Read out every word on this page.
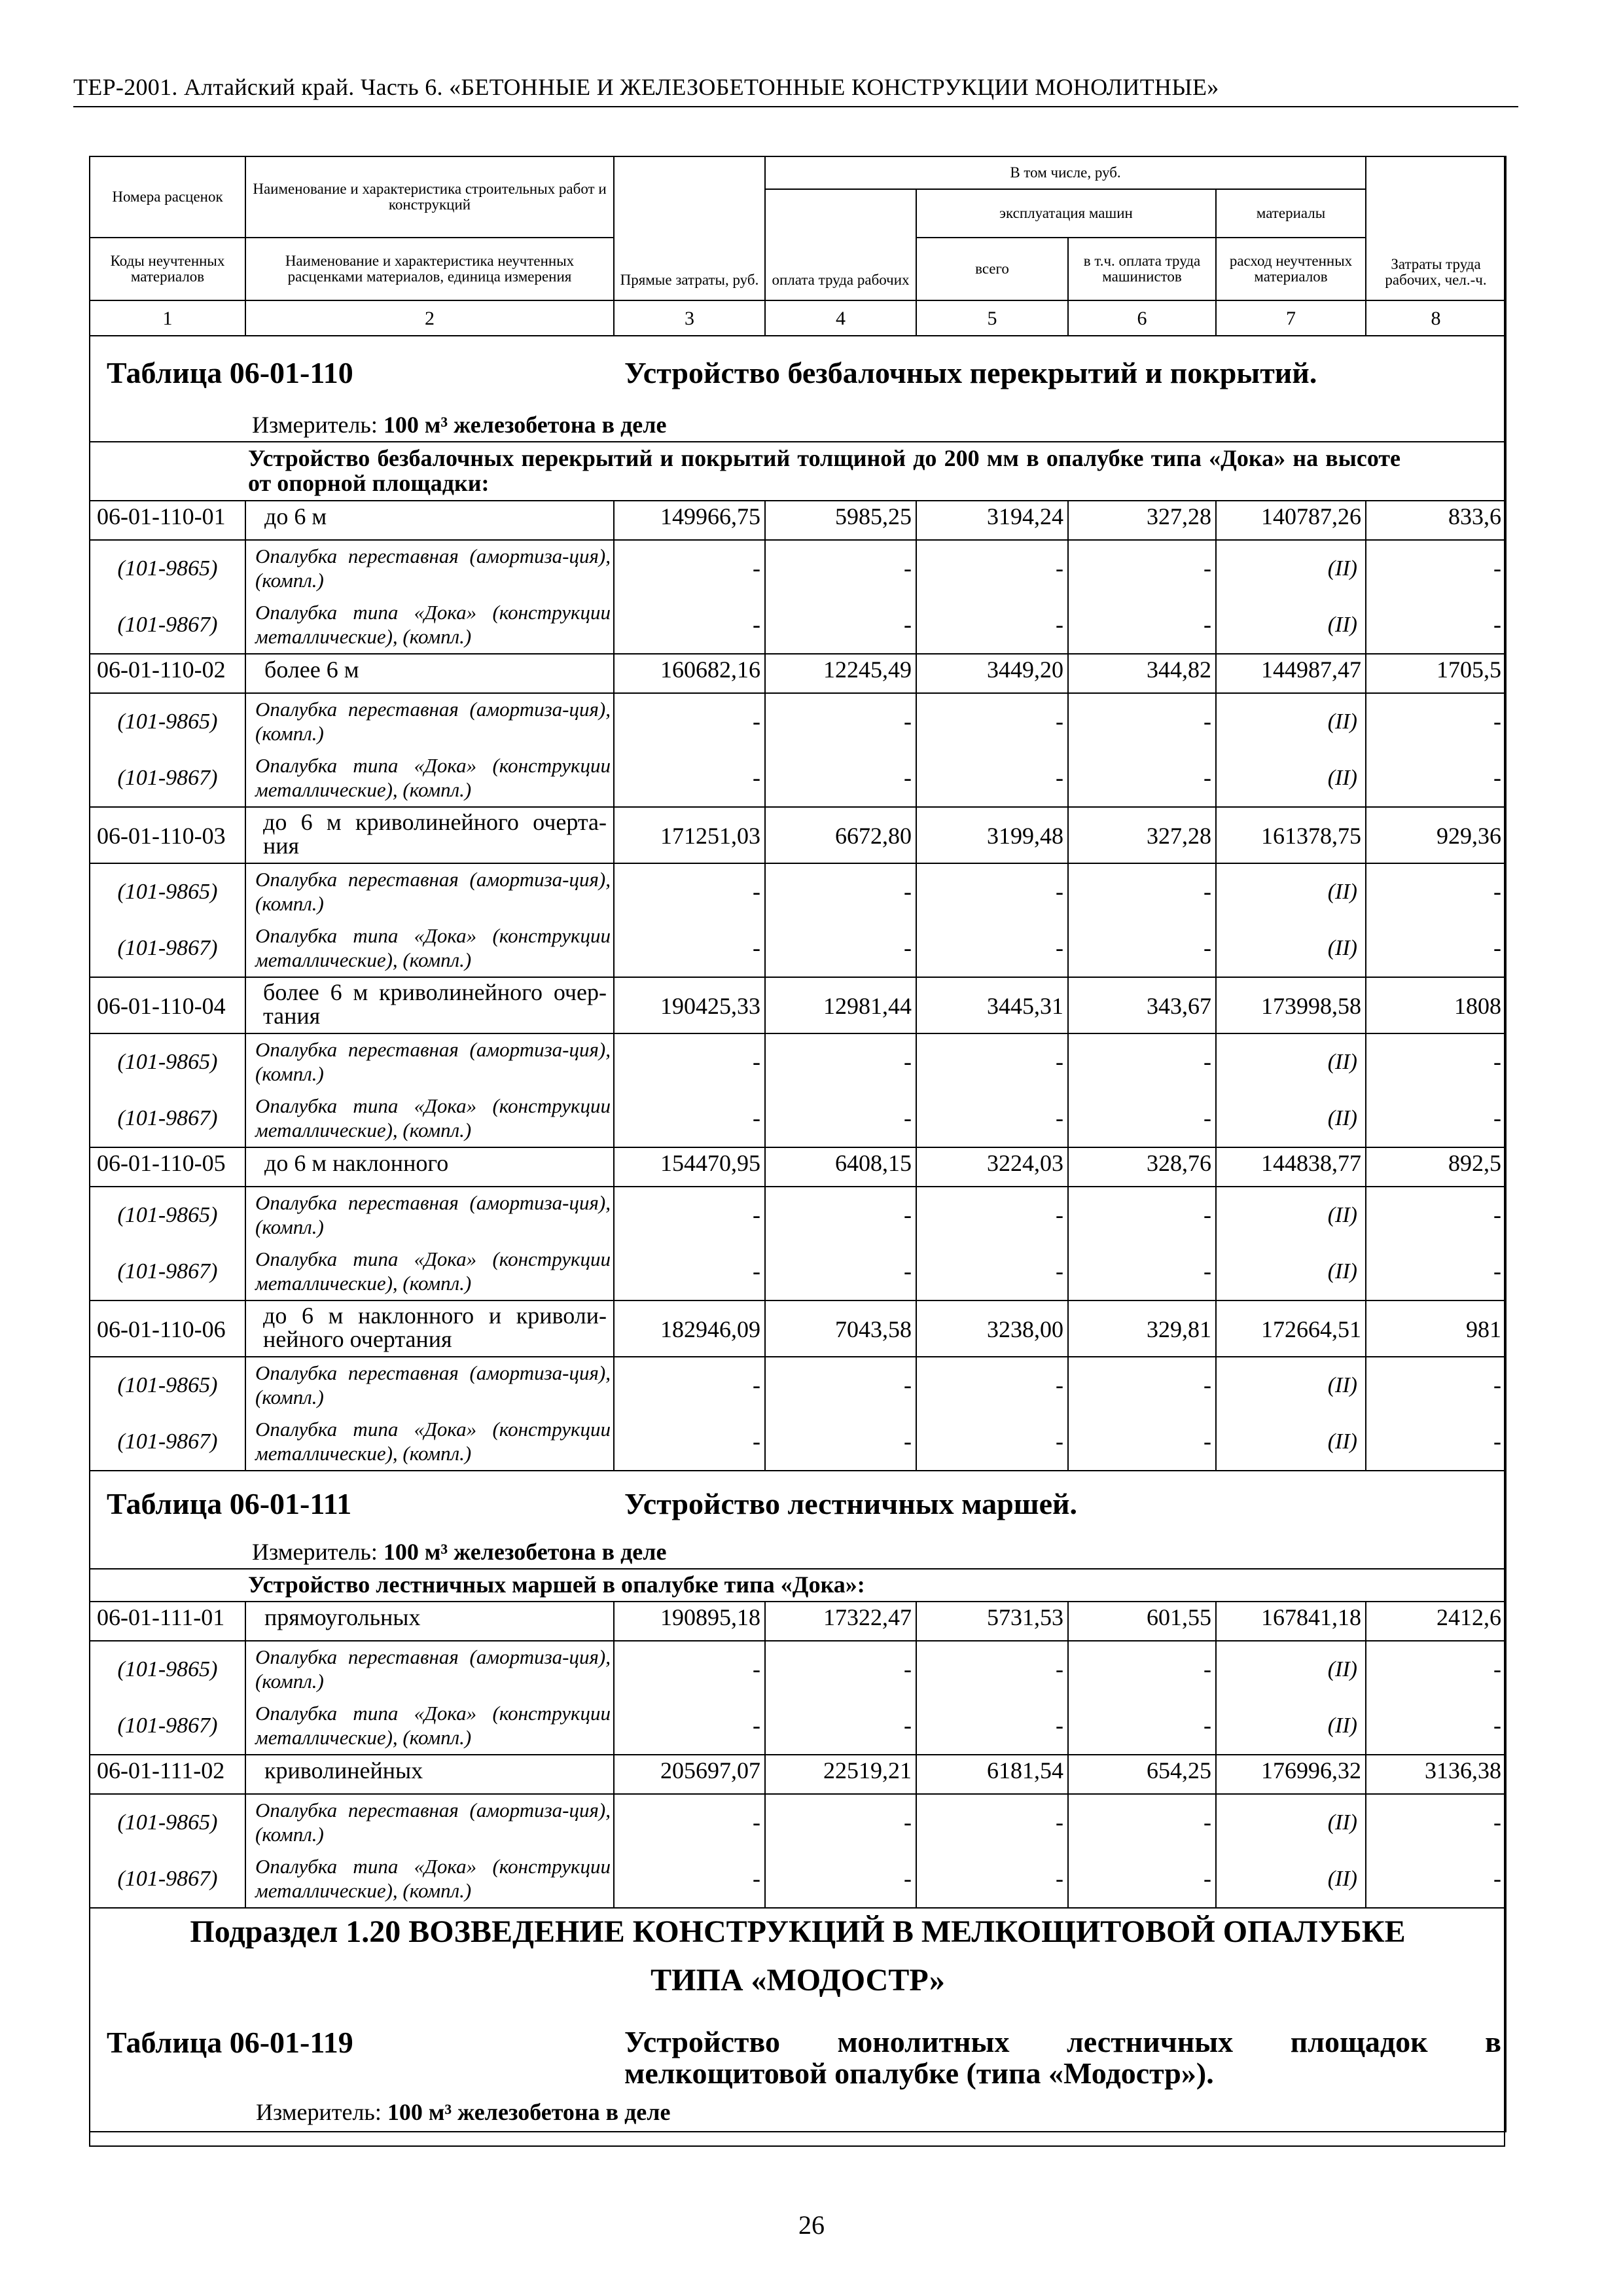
ТЕР-2001. Алтайский край. Часть 6. «БЕТОННЫЕ И ЖЕЛЕЗОБЕТОННЫЕ КОНСТРУКЦИИ МОНОЛИТНЫЕ»
Номера расценок	Наименование и характеристика строительных работ и конструкций	Прямые затраты, руб.	В том числе, руб.				Затраты труда рабочих, чел.-ч.
			оплата труда рабочих	эксплуатация машин		материалы	
Коды неучтенных материалов	Наименование и характеристика неучтенных расценками материалов, единица измерения			всего	в т.ч. оплата труда машинистов	расход неучтенных материалов	
1	2	3	4	5	6	7	8

Таблица 06-01-110 Устройство безбалочных перекрытий и покрытий.							

Измеритель: 100 м³ железобетона в деле							

	Устройство безбалочных перекрытий и покрытий толщиной до 200 мм в опалубке типа «Дока» на высоте от опорной площадки:						

06-01-110-01	до 6 м	149966,75	5985,25	3194,24	327,28	140787,26	833,6
(101-9865)	Опалубка переставная (амортиза-ция), (компл.)	-	-	-	-	(II)	-
(101-9867)	Опалубка типа «Дока» (конструкции металлические), (компл.)	-	-	-	-	(II)	-
06-01-110-02	более 6 м	160682,16	12245,49	3449,20	344,82	144987,47	1705,5
(101-9865)	Опалубка переставная (амортиза-ция), (компл.)	-	-	-	-	(II)	-
(101-9867)	Опалубка типа «Дока» (конструкции металлические), (компл.)	-	-	-	-	(II)	-
06-01-110-03	до 6 м криволинейного очерта-ния	171251,03	6672,80	3199,48	327,28	161378,75	929,36
(101-9865)	Опалубка переставная (амортиза-ция), (компл.)	-	-	-	-	(II)	-
(101-9867)	Опалубка типа «Дока» (конструкции металлические), (компл.)	-	-	-	-	(II)	-
06-01-110-04	более 6 м криволинейного очер-тания	190425,33	12981,44	3445,31	343,67	173998,58	1808
(101-9865)	Опалубка переставная (амортиза-ция), (компл.)	-	-	-	-	(II)	-
(101-9867)	Опалубка типа «Дока» (конструкции металлические), (компл.)	-	-	-	-	(II)	-
06-01-110-05	до 6 м наклонного	154470,95	6408,15	3224,03	328,76	144838,77	892,5
(101-9865)	Опалубка переставная (амортиза-ция), (компл.)	-	-	-	-	(II)	-
(101-9867)	Опалубка типа «Дока» (конструкции металлические), (компл.)	-	-	-	-	(II)	-
06-01-110-06	до 6 м наклонного и криволи-нейного очертания	182946,09	7043,58	3238,00	329,81	172664,51	981
(101-9865)	Опалубка переставная (амортиза-ция), (компл.)	-	-	-	-	(II)	-
(101-9867)	Опалубка типа «Дока» (конструкции металлические), (компл.)	-	-	-	-	(II)	-

Таблица 06-01-111 Устройство лестничных маршей.							

Измеритель: 100 м³ железобетона в деле							

	Устройство лестничных маршей в опалубке типа «Дока»:						

06-01-111-01	прямоугольных	190895,18	17322,47	5731,53	601,55	167841,18	2412,6
(101-9865)	Опалубка переставная (амортиза-ция), (компл.)	-	-	-	-	(II)	-
(101-9867)	Опалубка типа «Дока» (конструкции металлические), (компл.)	-	-	-	-	(II)	-
06-01-111-02	криволинейных	205697,07	22519,21	6181,54	654,25	176996,32	3136,38
(101-9865)	Опалубка переставная (амортиза-ция), (компл.)	-	-	-	-	(II)	-
(101-9867)	Опалубка типа «Дока» (конструкции металлические), (компл.)	-	-	-	-	(II)	-

Подраздел 1.20 ВОЗВЕДЕНИЕ КОНСТРУКЦИЙ В МЕЛКОЩИТОВОЙ ОПАЛУБКЕ
ТИПА «МОДОСТР»
Таблица 06-01-119 Устройство монолитных лестничных площадок в мелкощитовой опалубке (типа «Модостр»).
Измеритель: 100 м³ железобетона в деле							
26
